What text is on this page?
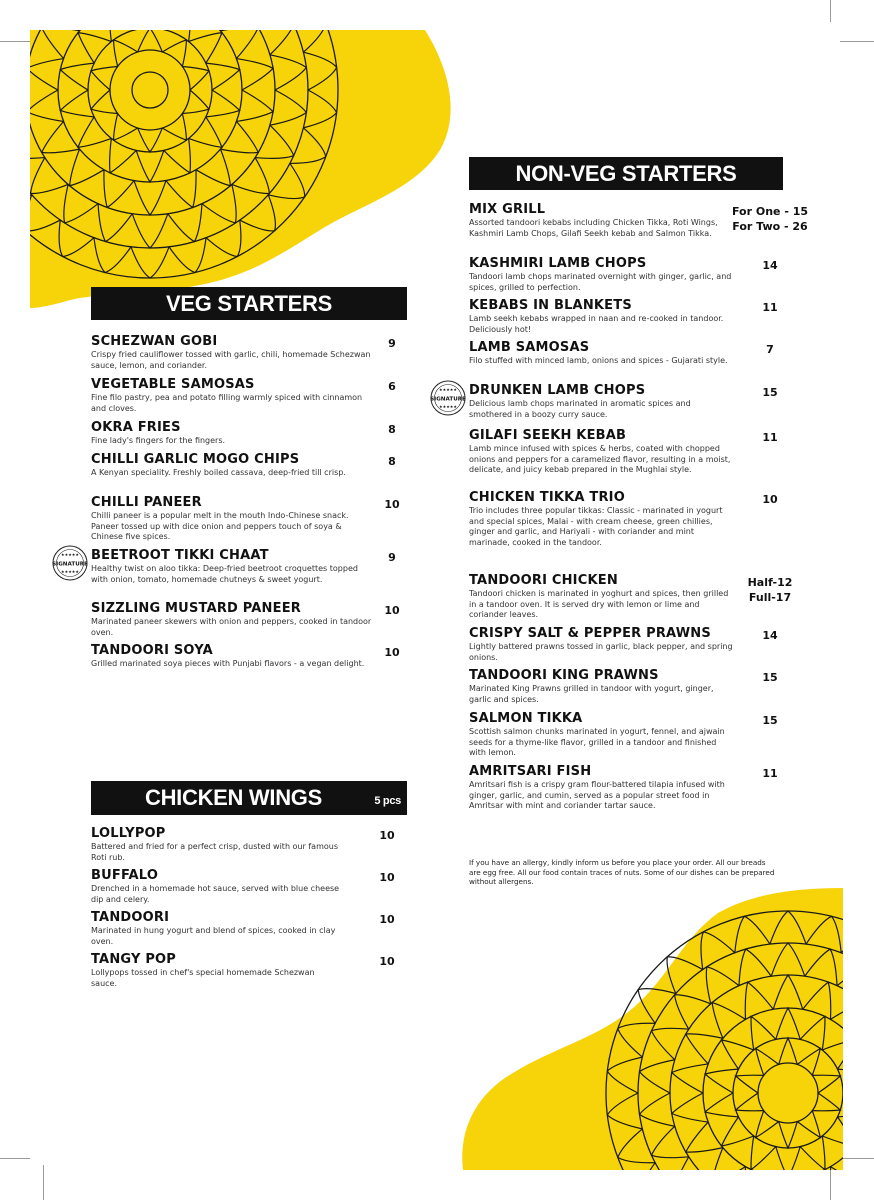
VEG STARTERS
SCHEZWAN GOBI
Crispy fried cauliflower tossed with garlic, chili, homemade Schezwan sauce, lemon, and coriander.
9
VEGETABLE SAMOSAS
Fine filo pastry, pea and potato filling warmly spiced with cinnamon and cloves.
6
OKRA FRIES
Fine lady's fingers for the fingers.
8
CHILLI GARLIC MOGO CHIPS
A Kenyan speciality. Freshly boiled cassava, deep-fried till crisp.
8
CHILLI PANEER
Chilli paneer is a popular melt in the mouth Indo-Chinese snack. Paneer tossed up with dice onion and peppers touch of soya & Chinese five spices.
10
BEETROOT TIKKI CHAAT
Healthy twist on aloo tikka: Deep-fried beetroot croquettes topped with onion, tomato, homemade chutneys & sweet yogurt.
9
SIGNATURE
★★★★★
★★★★★
SIZZLING MUSTARD PANEER
Marinated paneer skewers with onion and peppers, cooked in tandoor oven.
10
TANDOORI SOYA
Grilled marinated soya pieces with Punjabi flavors - a vegan delight.
10
CHICKEN WINGS	5 pcs
LOLLYPOP
Battered and fried for a perfect crisp, dusted with our famous Roti rub.
10
BUFFALO
Drenched in a homemade hot sauce, served with blue cheese dip and celery.
10
TANDOORI
Marinated in hung yogurt and blend of spices, cooked in clay oven.
10
TANGY POP
Lollypops tossed in chef's special homemade Schezwan sauce.
10
NON-VEG STARTERS
MIX GRILL
Assorted tandoori kebabs including Chicken Tikka, Roti Wings, Kashmiri Lamb Chops, Gilafi Seekh kebab and Salmon Tikka.
For One - 15
For Two - 26
KASHMIRI LAMB CHOPS
Tandoori lamb chops marinated overnight with ginger, garlic, and spices, grilled to perfection.
14
KEBABS IN BLANKETS
Lamb seekh kebabs wrapped in naan and re-cooked in tandoor. Deliciously hot!
11
LAMB SAMOSAS
Filo stuffed with minced lamb, onions and spices - Gujarati style.
7
DRUNKEN LAMB CHOPS
Delicious lamb chops marinated in aromatic spices and smothered in a boozy curry sauce.
15
SIGNATURE
★★★★★
★★★★★
GILAFI SEEKH KEBAB
Lamb mince infused with spices & herbs, coated with chopped onions and peppers for a caramelized flavor, resulting in a moist, delicate, and juicy kebab prepared in the Mughlai style.
11
CHICKEN TIKKA TRIO
Trio includes three popular tikkas: Classic - marinated in yogurt and special spices, Malai - with cream cheese, green chillies, ginger and garlic, and Hariyali - with coriander and mint marinade, cooked in the tandoor.
10
TANDOORI CHICKEN
Tandoori chicken is marinated in yoghurt and spices, then grilled in a tandoor oven. It is served dry with lemon or lime and coriander leaves.
Half-12
Full-17
CRISPY SALT & PEPPER PRAWNS
Lightly battered prawns tossed in garlic, black pepper, and spring onions.
14
TANDOORI KING PRAWNS
Marinated King Prawns grilled in tandoor with yogurt, ginger, garlic and spices.
15
SALMON TIKKA
Scottish salmon chunks marinated in yogurt, fennel, and ajwain seeds for a thyme-like flavor, grilled in a tandoor and finished with lemon.
15
AMRITSARI FISH
Amritsari fish is a crispy gram flour-battered tilapia infused with ginger, garlic, and cumin, served as a popular street food in Amritsar with mint and coriander tartar sauce.
11
If you have an allergy, kindly inform us before you place your order. All our breads are egg free. All our food contain traces of nuts. Some of our dishes can be prepared without allergens.
